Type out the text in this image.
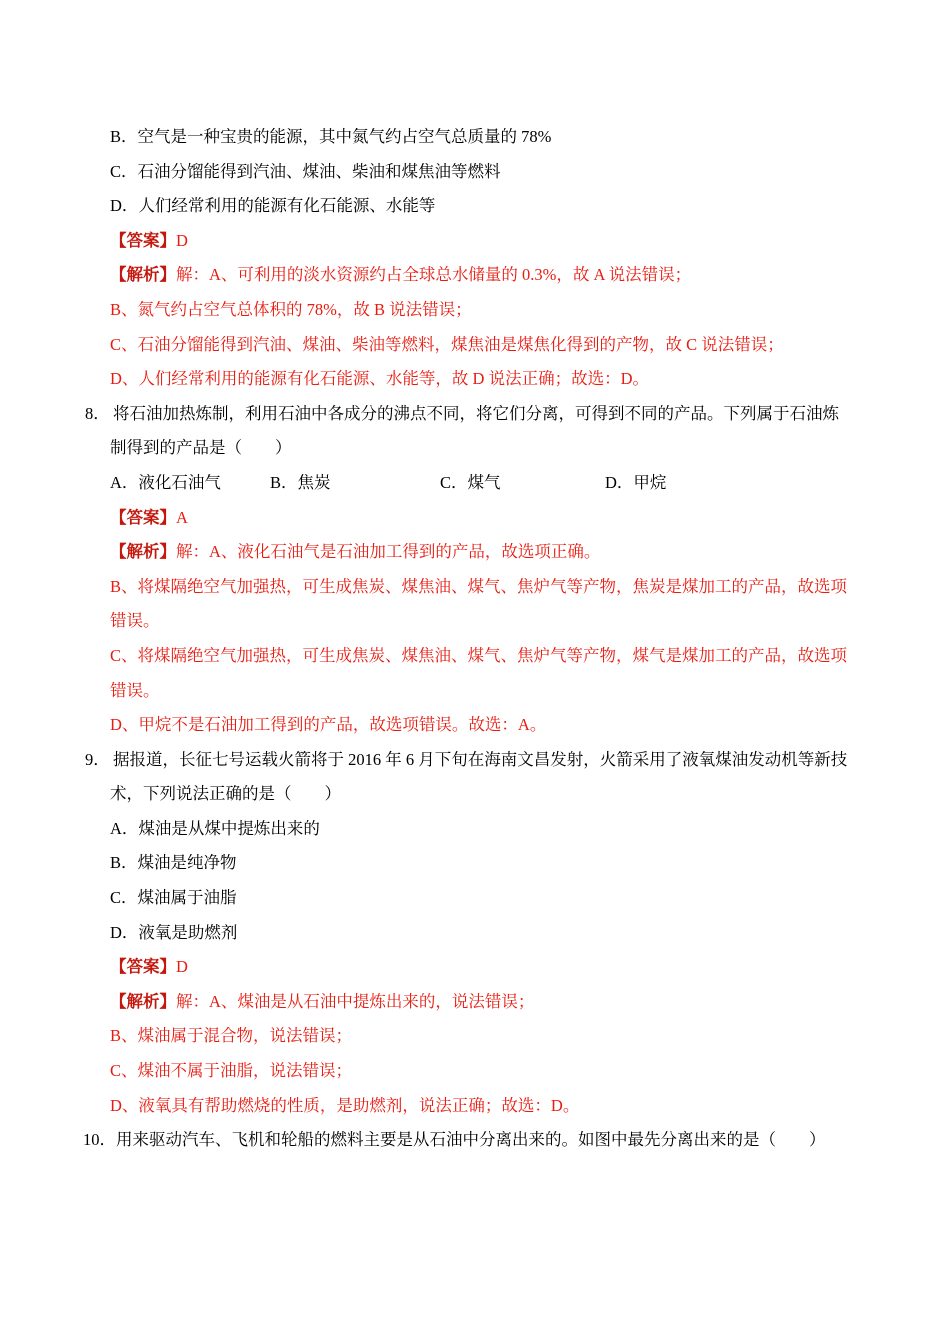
B．空气是一种宝贵的能源，其中氮气约占空气总质量的 78%
C．石油分馏能得到汽油、煤油、柴油和煤焦油等燃料
D．人们经常利用的能源有化石能源、水能等
【答案】D
【解析】解：A、可利用的淡水资源约占全球总水储量的 0.3%，故 A 说法错误；
B、氮气约占空气总体积的 78%，故 B 说法错误；
C、石油分馏能得到汽油、煤油、柴油等燃料，煤焦油是煤焦化得到的产物，故 C 说法错误；
D、人们经常利用的能源有化石能源、水能等，故 D 说法正确；故选：D。
8． 将石油加热炼制，利用石油中各成分的沸点不同，将它们分离，可得到不同的产品。下列属于石油炼
制得到的产品是（　　）
A．液化石油气	B．焦炭	C．煤气	D．甲烷
【答案】A
【解析】解：A、液化石油气是石油加工得到的产品，故选项正确。
B、将煤隔绝空气加强热，可生成焦炭、煤焦油、煤气、焦炉气等产物，焦炭是煤加工的产品，故选项
错误。
C、将煤隔绝空气加强热，可生成焦炭、煤焦油、煤气、焦炉气等产物，煤气是煤加工的产品，故选项
错误。
D、甲烷不是石油加工得到的产品，故选项错误。故选：A。
9． 据报道，长征七号运载火箭将于 2016 年 6 月下旬在海南文昌发射，火箭采用了液氧煤油发动机等新技
术，下列说法正确的是（　　）
A．煤油是从煤中提炼出来的
B．煤油是纯净物
C．煤油属于油脂
D．液氧是助燃剂
【答案】D
【解析】解：A、煤油是从石油中提炼出来的，说法错误；
B、煤油属于混合物，说法错误；
C、煤油不属于油脂，说法错误；
D、液氧具有帮助燃烧的性质，是助燃剂，说法正确；故选：D。
10．用来驱动汽车、飞机和轮船的燃料主要是从石油中分离出来的。如图中最先分离出来的是（　　）
